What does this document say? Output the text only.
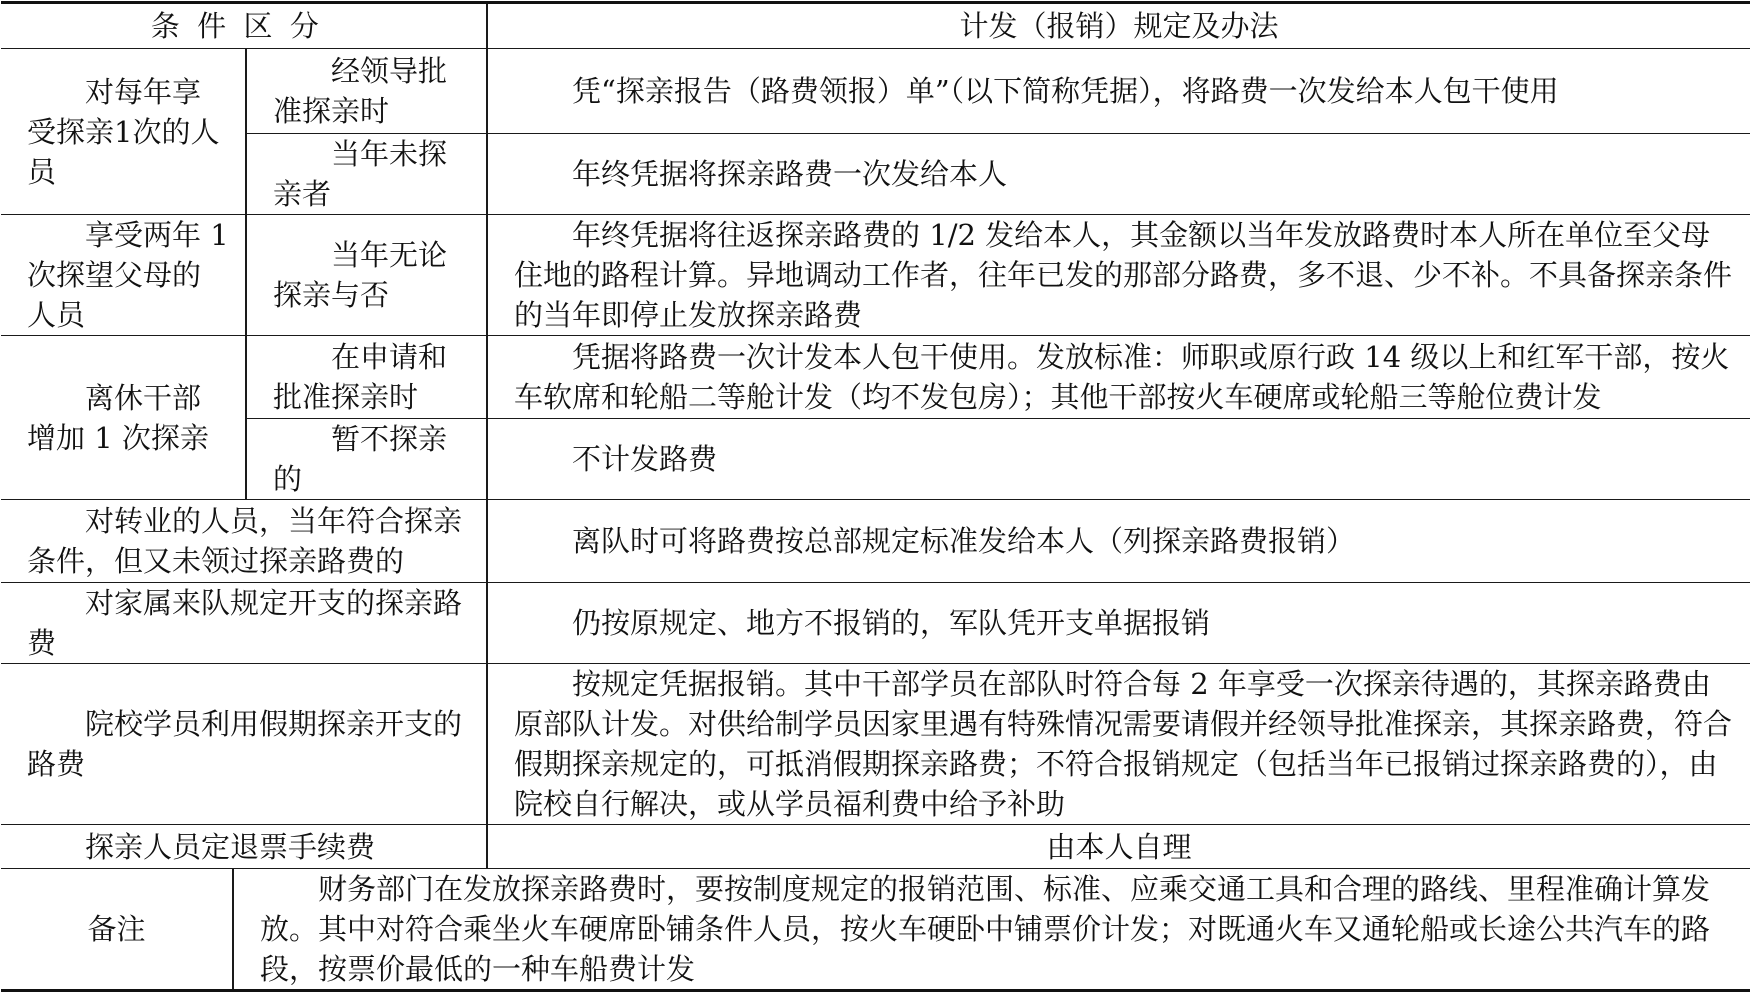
条件区分			计发（报销）规定及办法
对每年享受探亲1次的人员		经领导批准探亲时	凭“探亲报告（路费领报）单”（以下简称凭据），将路费一次发给本人包干使用
		当年未探亲者	年终凭据将探亲路费一次发给本人
享受两年 1 次探望父母的人员		当年无论探亲与否	年终凭据将往返探亲路费的 1/2 发给本人，其金额以当年发放路费时本人所在单位至父母住地的路程计算。异地调动工作者，往年已发的那部分路费，多不退、少不补。不具备探亲条件的当年即停止发放探亲路费
离休干部增加 1 次探亲		在申请和批准探亲时	凭据将路费一次计发本人包干使用。发放标准：师职或原行政 14 级以上和红军干部，按火车软席和轮船二等舱计发（均不发包房）；其他干部按火车硬席或轮船三等舱位费计发
		暂不探亲的	不计发路费
对转业的人员，当年符合探亲条件，但又未领过探亲路费的			离队时可将路费按总部规定标准发给本人（列探亲路费报销）
对家属来队规定开支的探亲路费			仍按原规定、地方不报销的，军队凭开支单据报销
院校学员利用假期探亲开支的路费			按规定凭据报销。其中干部学员在部队时符合每 2 年享受一次探亲待遇的，其探亲路费由原部队计发。对供给制学员因家里遇有特殊情况需要请假并经领导批准探亲，其探亲路费，符合假期探亲规定的，可抵消假期探亲路费；不符合报销规定（包括当年已报销过探亲路费的），由院校自行解决，或从学员福利费中给予补助
探亲人员定退票手续费			由本人自理
备注	财务部门在发放探亲路费时，要按制度规定的报销范围、标准、应乘交通工具和合理的路线、里程准确计算发放。其中对符合乘坐火车硬席卧铺条件人员，按火车硬卧中铺票价计发；对既通火车又通轮船或长途公共汽车的路段，按票价最低的一种车船费计发		
